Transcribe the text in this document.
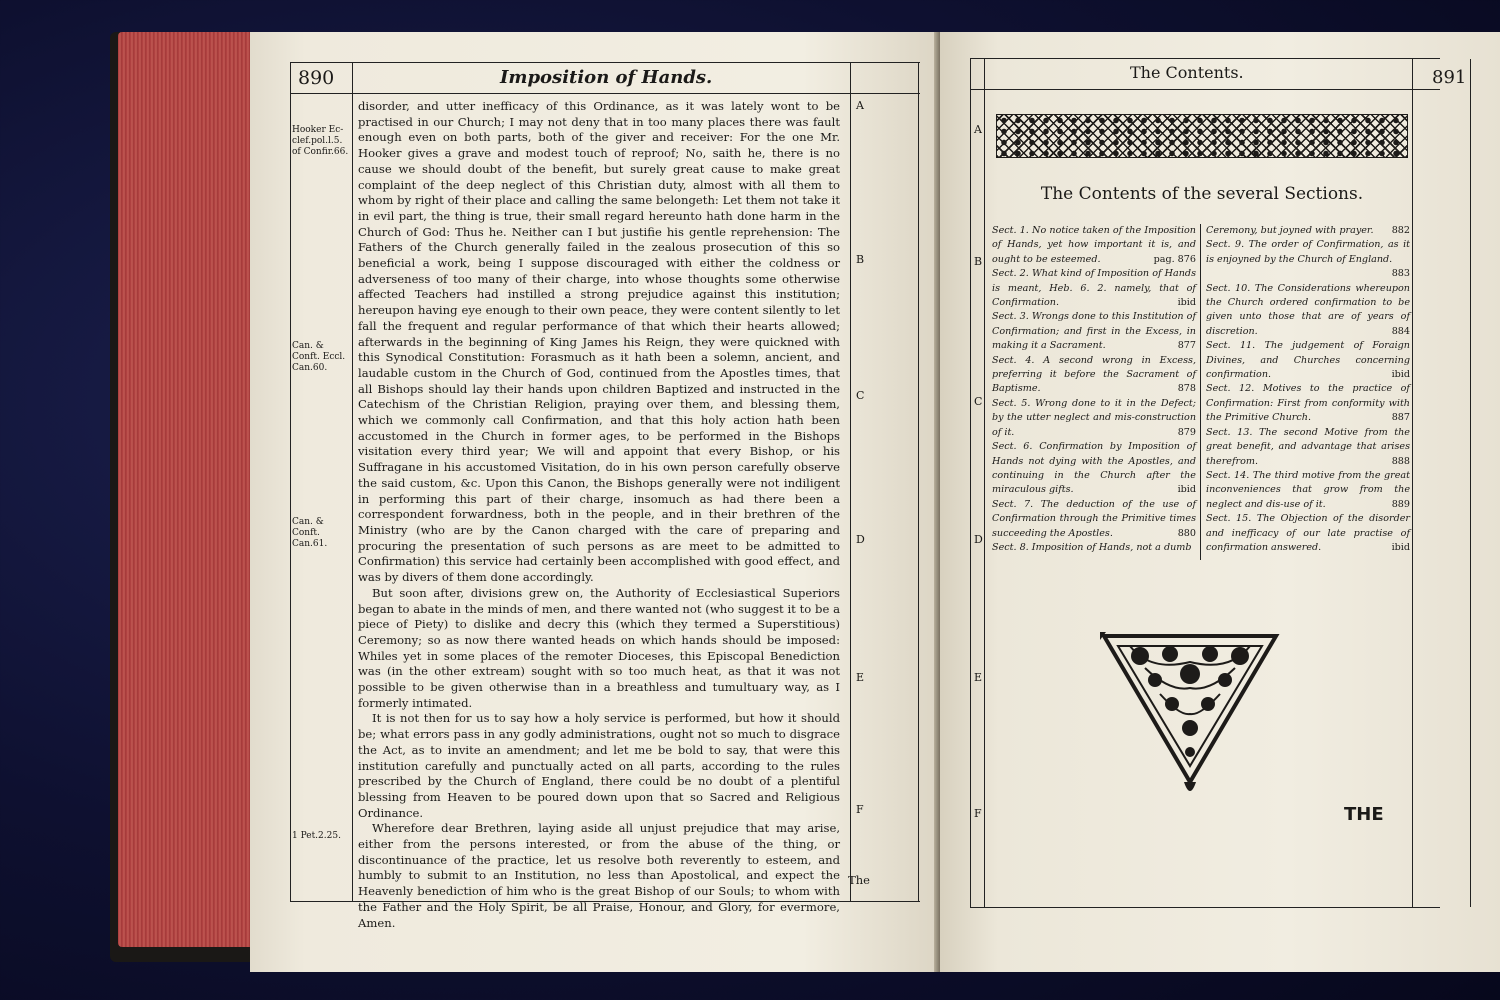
890	Imposition of Hands.
A
B
C
D
E
F
Hooker Ec-clef.pol.l.5. of Confir.66.
Can. & Conft. Eccl. Can.60.
Can. & Conft. Can.61.
1 Pet.2.25.

disorder, and utter inefficacy of this Ordinance, as it was lately wont to be practised in our Church; I may not deny that in too many places there was fault enough even on both parts, both of the giver and receiver: For the one Mr. Hooker gives a grave and modest touch of reproof; No, saith he, there is no cause we should doubt of the benefit, but surely great cause to make great complaint of the deep neglect of this Christian duty, almost with all them to whom by right of their place and calling the same belongeth: Let them not take it in evil part, the thing is true, their small regard hereunto hath done harm in the Church of God: Thus he. Neither can I but justifie his gentle reprehension: The Fathers of the Church generally failed in the zealous prosecution of this so beneficial a work, being I suppose discouraged with either the coldness or adverseness of too many of their charge, into whose thoughts some otherwise affected Teachers had instilled a strong prejudice against this institution; hereupon having eye enough to their own peace, they were content silently to let fall the frequent and regular performance of that which their hearts allowed; afterwards in the beginning of King James his Reign, they were quickned with this Synodical Constitution: Forasmuch as it hath been a solemn, ancient, and laudable custom in the Church of God, continued from the Apostles times, that all Bishops should lay their hands upon children Baptized and instructed in the Catechism of the Christian Religion, praying over them, and blessing them, which we commonly call Confirmation, and that this holy action hath been accustomed in the Church in former ages, to be performed in the Bishops visitation every third year; We will and appoint that every Bishop, or his Suffragane in his accustomed Visitation, do in his own person carefully observe the said custom, &c. Upon this Canon, the Bishops generally were not indiligent in performing this part of their charge, insomuch as had there been a correspondent forwardness, both in the people, and in their brethren of the Ministry (who are by the Canon charged with the care of preparing and procuring the presentation of such persons as are meet to be admitted to Confirmation) this service had certainly been accomplished with good effect, and was by divers of them done accordingly.

But soon after, divisions grew on, the Authority of Ecclesiastical Superiors began to abate in the minds of men, and there wanted not (who suggest it to be a piece of Piety) to dislike and decry this (which they termed a Superstitious) Ceremony; so as now there wanted heads on which hands should be imposed: Whiles yet in some places of the remoter Dioceses, this Episcopal Benediction was (in the other extream) sought with so too much heat, as that it was not possible to be given otherwise than in a breathless and tumultuary way, as I formerly intimated.

It is not then for us to say how a holy service is performed, but how it should be; what errors pass in any godly administrations, ought not so much to disgrace the Act, as to invite an amendment; and let me be bold to say, that were this institution carefully and punctually acted on all parts, according to the rules prescribed by the Church of England, there could be no doubt of a plentiful blessing from Heaven to be poured down upon that so Sacred and Religious Ordinance.

Wherefore dear Brethren, laying aside all unjust prejudice that may arise, either from the persons interested, or from the abuse of the thing, or discontinuance of the practice, let us resolve both reverently to esteem, and humbly to submit to an Institution, no less than Apostolical, and expect the Heavenly benediction of him who is the great Bishop of our Souls; to whom with the Father and the Holy Spirit, be all Praise, Honour, and Glory, for evermore, Amen.

The
The Contents.	891
A
B
C
D
E
F
The Contents of the several Sections.
Sect. 1. No notice taken of the Imposition of Hands, yet how important it is, and ought to be esteemed.	pag. 876
Sect. 2. What kind of Imposition of Hands is meant, Heb. 6. 2. namely, that of Confirmation.	ibid
Sect. 3. Wrongs done to this Institution of Confirmation; and first in the Excess, in making it a Sacrament.	877
Sect. 4. A second wrong in Excess, preferring it before the Sacrament of Baptisme.	878
Sect. 5. Wrong done to it in the Defect; by the utter neglect and mis-construction of it.	879
Sect. 6. Confirmation by Imposition of Hands not dying with the Apostles, and continuing in the Church after the miraculous gifts.	ibid
Sect. 7. The deduction of the use of Confirmation through the Primitive times succeeding the Apostles.	880
Sect. 8. Imposition of Hands, not a dumb
Ceremony, but joyned with prayer. 882
Sect. 9. The order of Confirmation, as it is enjoyned by the Church of England.
883
Sect. 10. The Considerations whereupon the Church ordered confirmation to be given unto those that are of years of discretion.	884
Sect. 11. The judgement of Foraign Divines, and Churches concerning confirmation.	ibid
Sect. 12. Motives to the practice of Confirmation: First from conformity with the Primitive Church.	887
Sect. 13. The second Motive from the great benefit, and advantage that arises therefrom.	888
Sect. 14. The third motive from the great inconveniences that grow from the neglect and dis-use of it.	889
Sect. 15. The Objection of the disorder and inefficacy of our late practise of confirmation answered.	ibid
THE
